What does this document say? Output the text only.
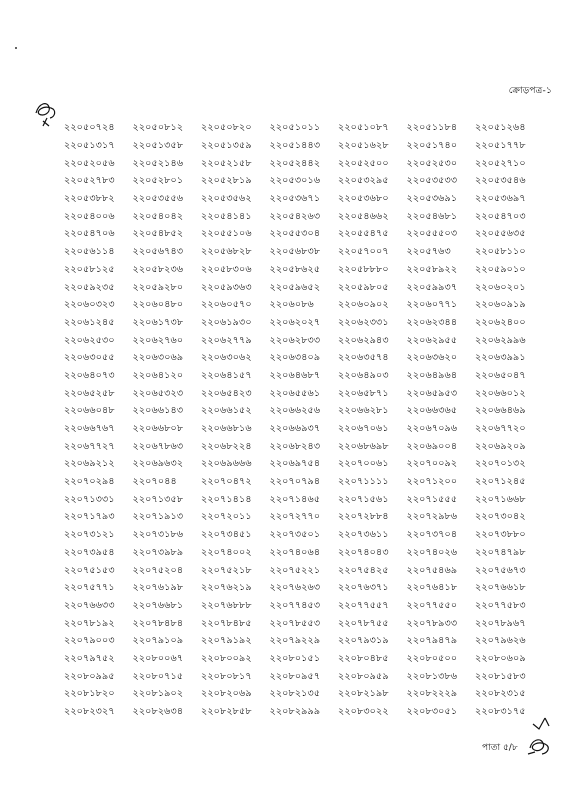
ক্রোড়পত্র-১
২২০৫০৭২৪	২২০৫০৮১২	২২০৫০৮২০	২২০৫১০১১	২২০৫১০৮৭	২২০৫১১৮৪	২২০৫১২৬৪
২২০৫১৩১৭	২২০৫১৩৫৮	২২০৫১৩৫৯	২২০৫১৪৪৩	২২০৫১৬২৮	২২০৫১৭৪০	২২০৫১৭৭৮
২২০৫২০৫৬	২২০৫২১৪৬	২২০৫২১৫৮	২২০৫২৪৪২	২২০৫২৫০০	২২০৫২৫৩০	২২০৫২৭১০
২২০৫২৭৮৩	২২০৫২৮০১	২২০৫২৮১৯	২২০৫৩০১৬	২২০৫৩২৯৫	২২০৫৩৫৩৩	২২০৫৩৫৪৬
২২০৫৩৮৮২	২২০৫৩৫৫৬	২২০৫৩৫৬২	২২০৫৩৬৭১	২২০৫৩৬৮০	২২০৫৩৬৯১	২২০৫৩৬৯৭
২২০৫৪০০৬	২২০৫৪০৪২	২২০৫৪১৪১	২২০৫৪২৬৩	২২০৫৪৬৬২	২২০৫৪৬৮১	২২০৫৪৭০৩
২২০৫৪৭০৬	২২০৫৪৮৫২	২২০৫৫১০৬	২২০৫৫৩০৪	২২০৫৫৪৭৫	২২০৫৫৫০৩	২২০৫৫৬৩৫
২২০৫৬১১৪	২২০৫৬৭৪৩	২২০৫৬৮২৮	২২০৫৬৮৩৮	২২০৫৭০০৭	২২০৫৭৬৩	২২০৫৮১১০
২২০৫৮১২৫	২২০৫৮২৩৬	২২০৫৮৩০৬	২২০৫৮৬২৫	২২০৫৮৮৮০	২২০৫৮৯২২	২২০৫৯০১০
২২০৫৯২৩৫	২২০৫৯২৮০	২২০৫৯৩৬৩	২২০৫৯৬৫২	২২০৫৯৮০৫	২২০৫৯৯৩৭	২২০৬০২০১
২২০৬০৩২৩	২২০৬০৪৮০	২২০৬০৫৭০	২২০৬০৮৬	২২০৬০৯০২	২২০৬০৭৭১	২২০৬০৯১৯
২২০৬১২৪৫	২২০৬১৭৩৮	২২০৬১৯৩০	২২০৬২০২৭	২২০৬২৩৩১	২২০৬২৩৪৪	২২০৬২৪০০
২২০৬২৫৩০	২২০৬২৭৬০	২২০৬২৭৭৯	২২০৬২৮৩৩	২২০৬২৯৪৩	২২০৬২৯৫৫	২২০৬২৯৯৬
২২০৬৩০৫৫	২২০৬৩০৬৯	২২০৬৩০৬২	২২০৬৩৪০৯	২২০৬৩৫৭৪	২২০৬৩৬২০	২২০৬৩৯৯১
২২০৬৪০৭৩	২২০৬৪১২০	২২০৬৪১৫৭	২২০৬৪৬৮৭	২২০৬৪৯০৩	২২০৬৪৯৬৪	২২০৬৫০৪৭
২২০৬৫২৫৮	২২০৬৫৩২৩	২২০৬৫৪২৩	২২০৬৫৫৬১	২২০৬৫৮৭১	২২০৬৫৯৫৩	২২০৬৬০১২
২২০৬৬০৪৮	২২০৬৬১৪৩	২২০৬৬১৫২	২২০৬৬২৫৬	২২০৬৬২৮১	২২০৬৬৩৬৫	২২০৬৬৪৬৯
২২০৬৬৭৬৭	২২০৬৬৮০৮	২২০৬৬৮১৬	২২০৬৬৯৩৭	২২০৬৭০৬১	২২০৬৭০৯৬	২২০৬৭৭২০
২২০৬৭৭২৭	২২০৬৭৮৬৩	২২০৬৮২২৪	২২০৬৮২৪৩	২২০৬৮৬৯৮	২২০৬৯০০৪	২২০৬৯২০৯
২২০৬৯২১২	২২০৬৯৬৩২	২২০৬৯৬৬৬	২২০৬৯৭৫৪	২২০৭০০৬১	২২০৭০০৯২	২২০৭০১৩২
২২০৭০২৯৪	২২০৭০৪৪	২২০৭০৪৭২	২২০৭০৭৯৪	২২০৭১১১১	২২০৭১২০০	২২০৭১২৪৫
২২০৭১৩৩১	২২০৭১৩৫৮	২২০৭১৪১৪	২২০৭১৪৬৫	২২০৭১৫৬১	২২০৭১৫৫৫	২২০৭১৬৬৮
২২০৭১৭৯৩	২২০৭১৯১৩	২২০৭২০১১	২২০৭২৭৭০	২২০৭২৮৮৪	২২০৭২৯৮৬	২২০৭৩০৪২
২২০৭৩১২১	২২০৭৩১৮৬	২২০৭৩৪৫১	২২০৭৩৫০১	২২০৭৩৬১১	২২০৭৩৭০৪	২২০৭৩৮৮০
২২০৭৩৯৫৪	২২০৭৩৯৮৯	২২০৭৪০০২	২২০৭৪০৬৪	২২০৭৪০৪৩	২২০৭৪০২৬	২২০৭৪৭৯৮
২২০৭৫১৫৩	২২০৭৫২০৪	২২০৭৫২১৮	২২০৭৫২২১	২২০৭৫৪২৫	২২০৭৫৪৬৯	২২০৭৫৬৭৩
২২০৭৫৭৭১	২২০৭৬১৯৮	২২০৭৬২১৯	২২০৭৬২৬৩	২২০৭৬৩৭১	২২০৭৬৪১৮	২২০৭৬৬১৮
২২০৭৬৬৩৩	২২০৭৬৬৮১	২২০৭৬৮৮৮	২২০৭৭৪৫৩	২২০৭৭৫৫৭	২২০৭৭৫৫০	২২০৭৭৫৮৩
২২০৭৮১৯২	২২০৭৮৪৮৪	২২০৭৮৪৮৫	২২০৭৮৫৫৩	২২০৭৮৭৫৫	২২০৭৮৯৩৩	২২০৭৮৯৬৭
২২০৭৯০০৩	২২০৭৯১০৯	২২০৭৯১৯২	২২০৭৯২২৯	২২০৭৯৩১৯	২২০৭৯৪৭৯	২২০৭৯৬২৬
২২০৭৯৭৫২	২২০৮০০৬৭	২২০৮০০৯২	২২০৮০১৫১	২২০৮০৪৮৫	২২০৮০৫০০	২২০৮০৬০৯
২২০৮০৯৯৫	২২০৮০৭১৫	২২০৮০৮১৭	২২০৮০৯৫৭	২২০৮০৯৫৯	২২০৮১৩৮৬	২২০৮১৫৮৩
২২০৮১৮২০	২২০৮১৯০২	২২০৮২০৬৯	২২০৮২১৩৫	২২০৮২১৯৮	২২০৮২২২৯	২২০৮২৩১৫
২২০৮২৩২৭	২২০৮২৬৩৪	২২০৮২৮৫৮	২২০৮২৯৯৯	২২০৮৩০২২	২২০৮৩০৫১	২২০৮৩১৭৫
পাতা ৫/৮
